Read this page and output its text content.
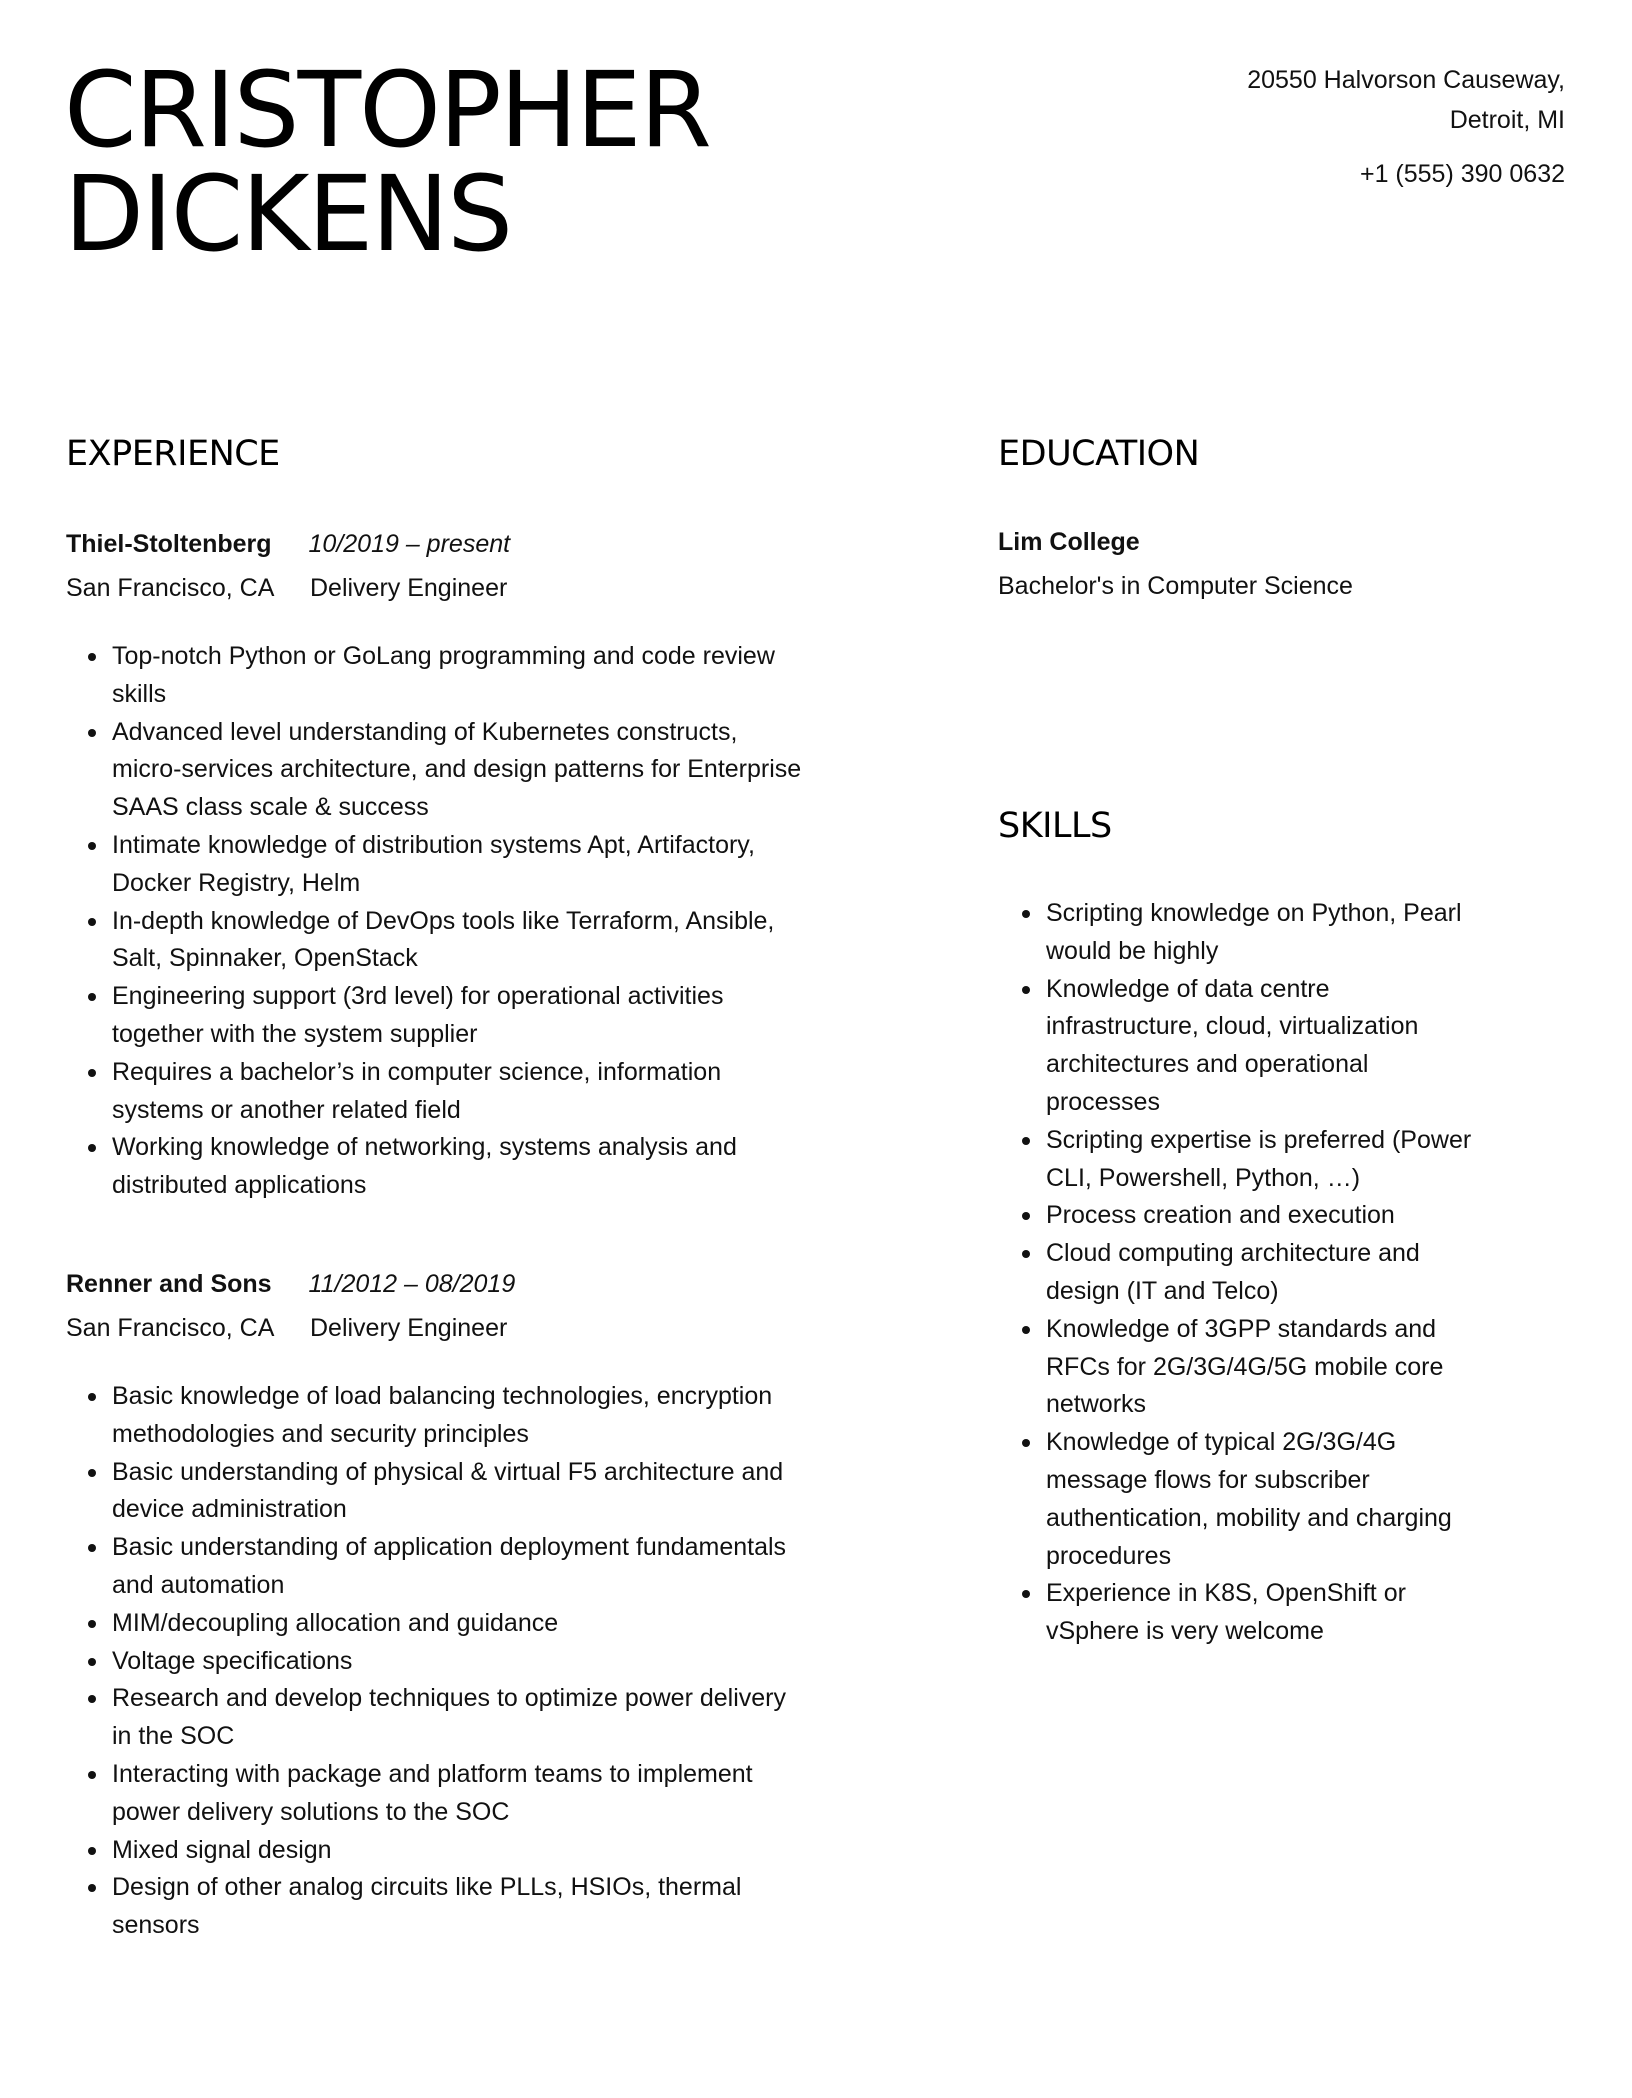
CRISTOPHER
DICKENS
20550 Halvorson Causeway,
Detroit, MI
+1 (555) 390 0632
EXPERIENCE	EDUCATION
SKILLS
Thiel-Stoltenberg 10/2019 – present
San Francisco, CA Delivery Engineer
Top-notch Python or GoLang programming and code review
skills
Advanced level understanding of Kubernetes constructs,
micro-services architecture, and design patterns for Enterprise
SAAS class scale & success
Intimate knowledge of distribution systems Apt, Artifactory,
Docker Registry, Helm
In-depth knowledge of DevOps tools like Terraform, Ansible,
Salt, Spinnaker, OpenStack
Engineering support (3rd level) for operational activities
together with the system supplier
Requires a bachelor’s in computer science, information
systems or another related field
Working knowledge of networking, systems analysis and
distributed applications
Renner and Sons 11/2012 – 08/2019
San Francisco, CA Delivery Engineer
Basic knowledge of load balancing technologies, encryption
methodologies and security principles
Basic understanding of physical & virtual F5 architecture and
device administration
Basic understanding of application deployment fundamentals
and automation
MIM/decoupling allocation and guidance
Voltage specifications
Research and develop techniques to optimize power delivery
in the SOC
Interacting with package and platform teams to implement
power delivery solutions to the SOC
Mixed signal design
Design of other analog circuits like PLLs, HSIOs, thermal
sensors
Lim College
Bachelor's in Computer Science
Scripting knowledge on Python, Pearl
would be highly
Knowledge of data centre
infrastructure, cloud, virtualization
architectures and operational
processes
Scripting expertise is preferred (Power
CLI, Powershell, Python, …)
Process creation and execution
Cloud computing architecture and
design (IT and Telco)
Knowledge of 3GPP standards and
RFCs for 2G/3G/4G/5G mobile core
networks
Knowledge of typical 2G/3G/4G
message flows for subscriber
authentication, mobility and charging
procedures
Experience in K8S, OpenShift or
vSphere is very welcome
